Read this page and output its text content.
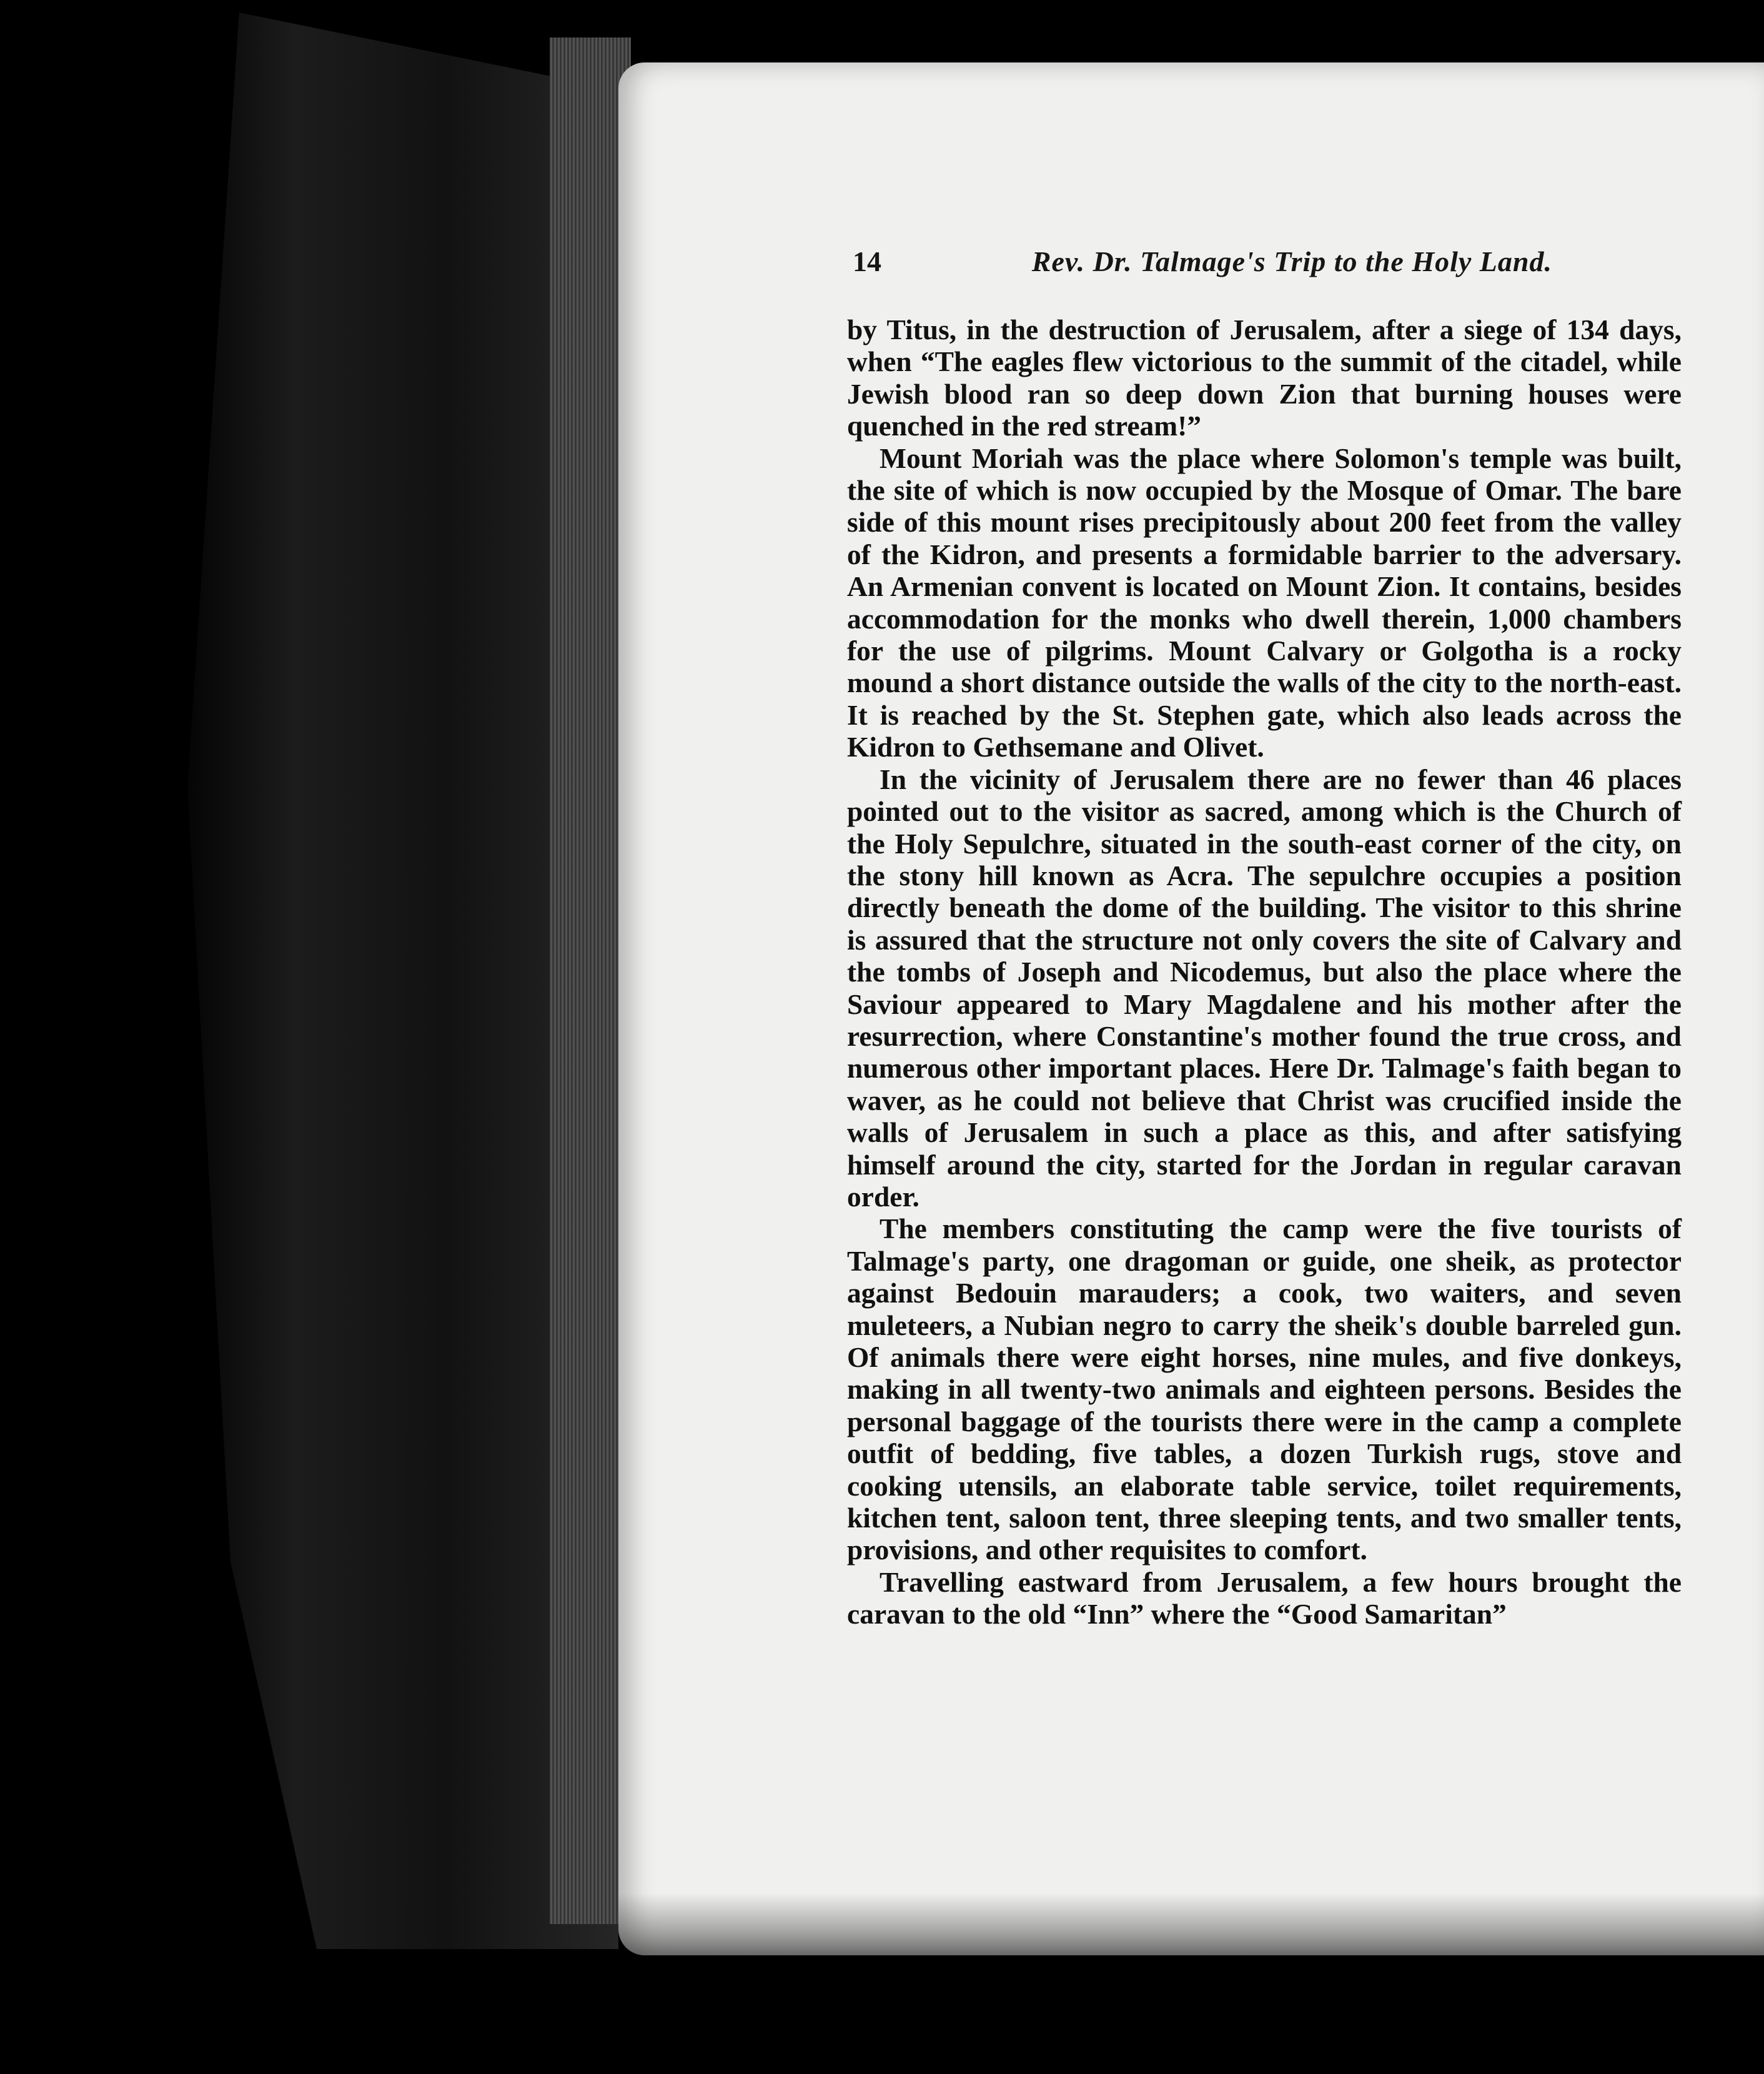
14	Rev. Dr. Talmage's Trip to the Holy Land.

by Titus, in the destruction of Jerusalem, after a siege of 134 days, when “The eagles flew victorious to the summit of the citadel, while Jewish blood ran so deep down Zion that burning houses were quenched in the red stream!”

Mount Moriah was the place where Solomon's temple was built, the site of which is now occupied by the Mosque of Omar. The bare side of this mount rises precipitously about 200 feet from the valley of the Kidron, and presents a formidable barrier to the adversary. An Armenian convent is located on Mount Zion. It contains, besides accommodation for the monks who dwell therein, 1,000 chambers for the use of pilgrims. Mount Calvary or Golgotha is a rocky mound a short distance outside the walls of the city to the north-east. It is reached by the St. Stephen gate, which also leads across the Kidron to Gethsemane and Olivet.

In the vicinity of Jerusalem there are no fewer than 46 places pointed out to the visitor as sacred, among which is the Church of the Holy Sepulchre, situated in the south-east corner of the city, on the stony hill known as Acra. The sepulchre occupies a position directly beneath the dome of the building. The visitor to this shrine is assured that the structure not only covers the site of Calvary and the tombs of Joseph and Nicodemus, but also the place where the Saviour appeared to Mary Magdalene and his mother after the resurrection, where Constantine's mother found the true cross, and numerous other important places. Here Dr. Talmage's faith began to waver, as he could not believe that Christ was crucified inside the walls of Jerusalem in such a place as this, and after satisfying himself around the city, started for the Jordan in regular caravan order.

The members constituting the camp were the five tourists of Talmage's party, one dragoman or guide, one sheik, as protector against Bedouin marauders; a cook, two waiters, and seven muleteers, a Nubian negro to carry the sheik's double barreled gun. Of animals there were eight horses, nine mules, and five donkeys, making in all twenty-two animals and eighteen persons. Besides the personal baggage of the tourists there were in the camp a complete outfit of bedding, five tables, a dozen Turkish rugs, stove and cooking utensils, an elaborate table service, toilet requirements, kitchen tent, saloon tent, three sleeping tents, and two smaller tents, provisions, and other requisites to comfort.

Travelling eastward from Jerusalem, a few hours brought the caravan to the old “Inn” where the “Good Samaritan”
